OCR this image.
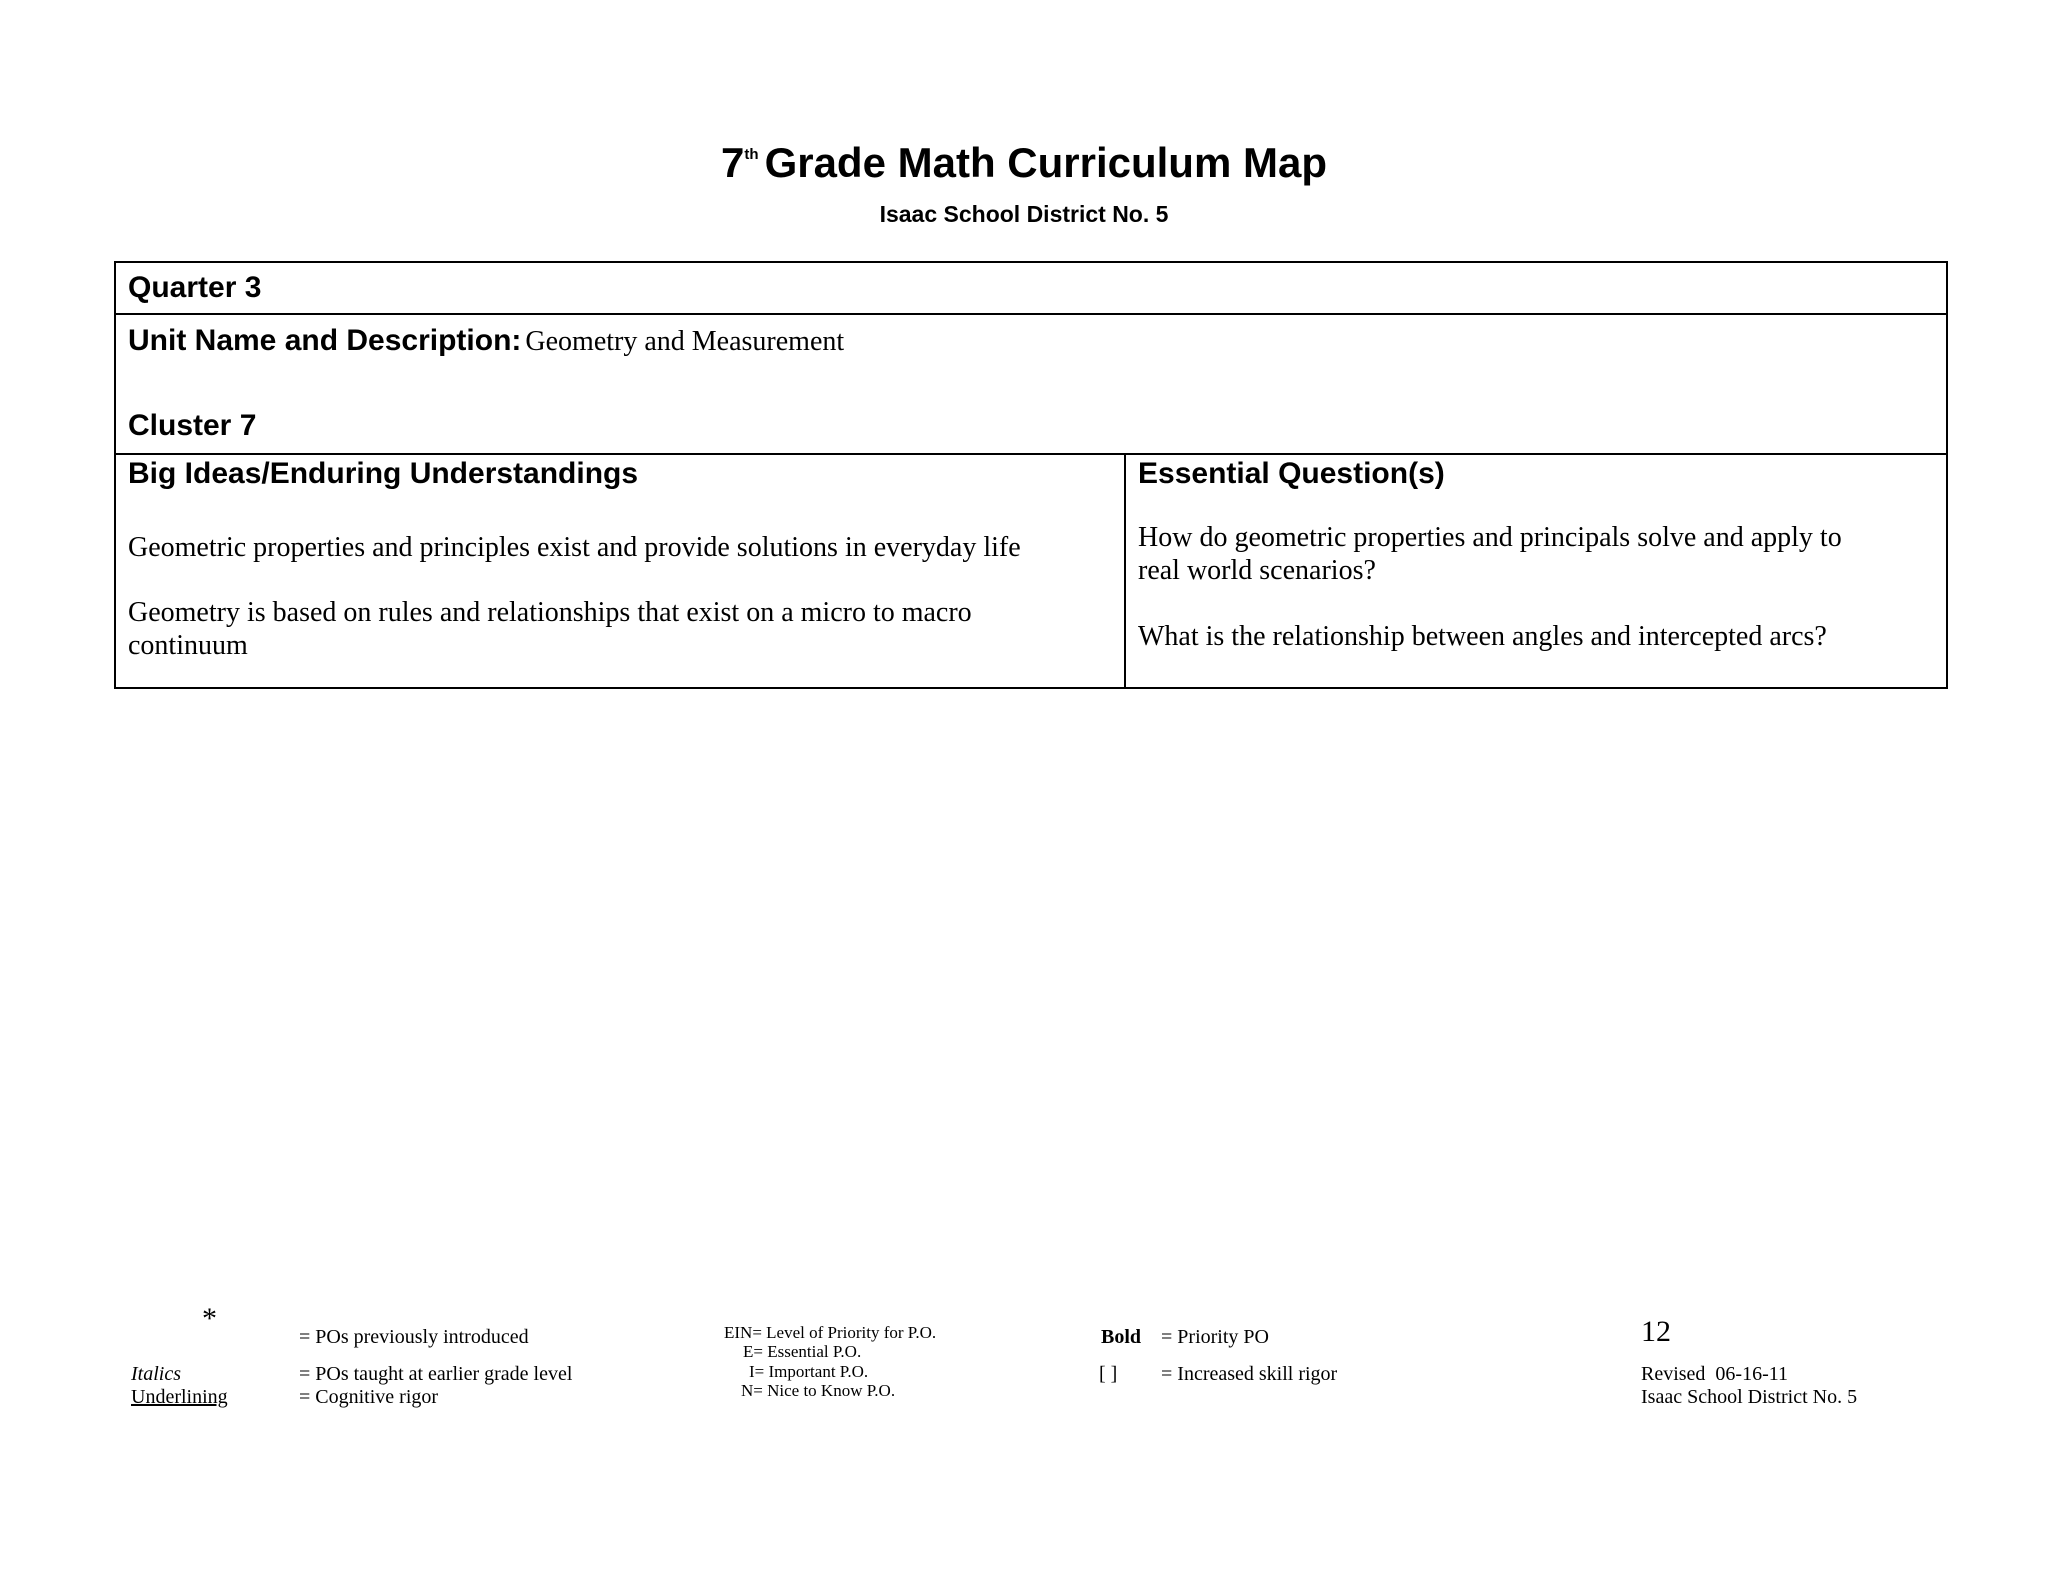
7th Grade Math Curriculum Map
Isaac School District No. 5
Quarter 3

Unit Name and Description: Geometry and Measurement
Cluster 7

Big Ideas/Enduring Understandings

Geometric properties and principles exist and provide solutions in everyday life

Geometry is based on rules and relationships that exist on a micro to macro continuum

Essential Question(s)

How do geometric properties and principals solve and apply to real world scenarios?

What is the relationship between angles and intercepted arcs?

*
= POs previously introduced
Italics	= POs taught at earlier grade level
Underlining	= Cognitive rigor
EIN= Level of Priority for P.O.
E= Essential P.O.
I= Important P.O.
N= Nice to Know P.O.
Bold = Priority PO
[ ] = Increased skill rigor
12
Revised  06-16-11
Isaac School District No. 5
